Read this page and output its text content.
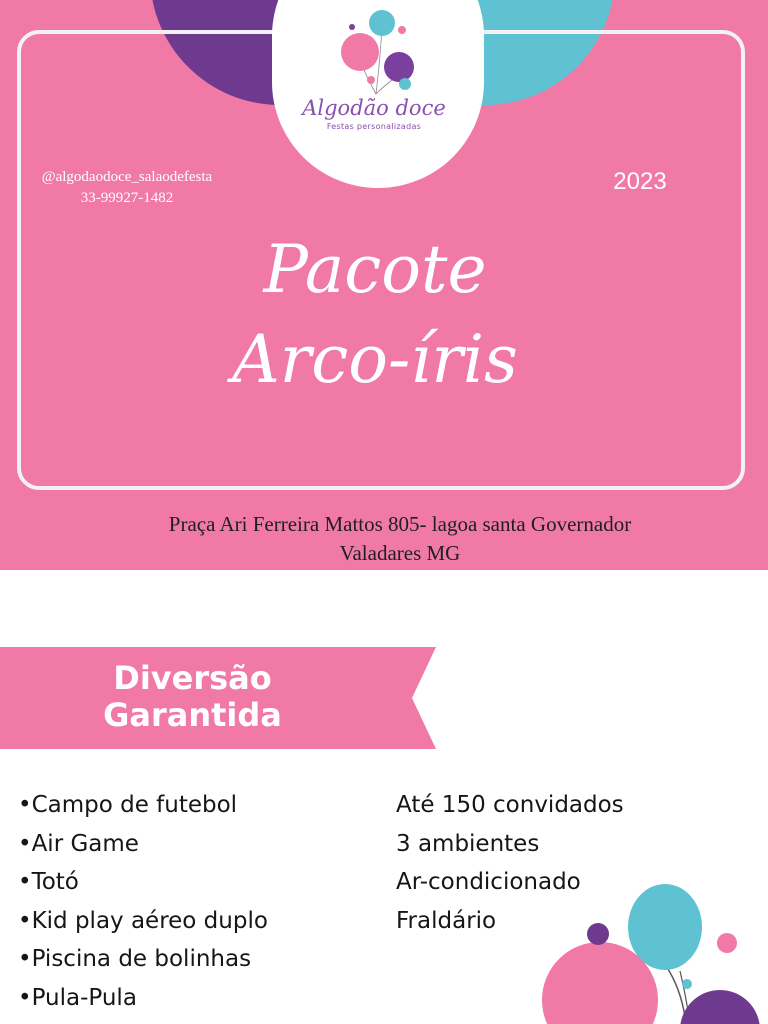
Algodão doce
Festas personalizadas
@algodaodoce_salaodefesta
33-99927-1482
2023
Pacote
Arco-íris
Praça Ari Ferreira Mattos 805- lagoa santa Governador
Valadares MG
Diversão
Garantida
•Campo de futebol
•Air Game
•Totó
•Kid play aéreo duplo
•Piscina de bolinhas
•Pula-Pula
Até 150 convidados
3 ambientes
Ar-condicionado
Fraldário
